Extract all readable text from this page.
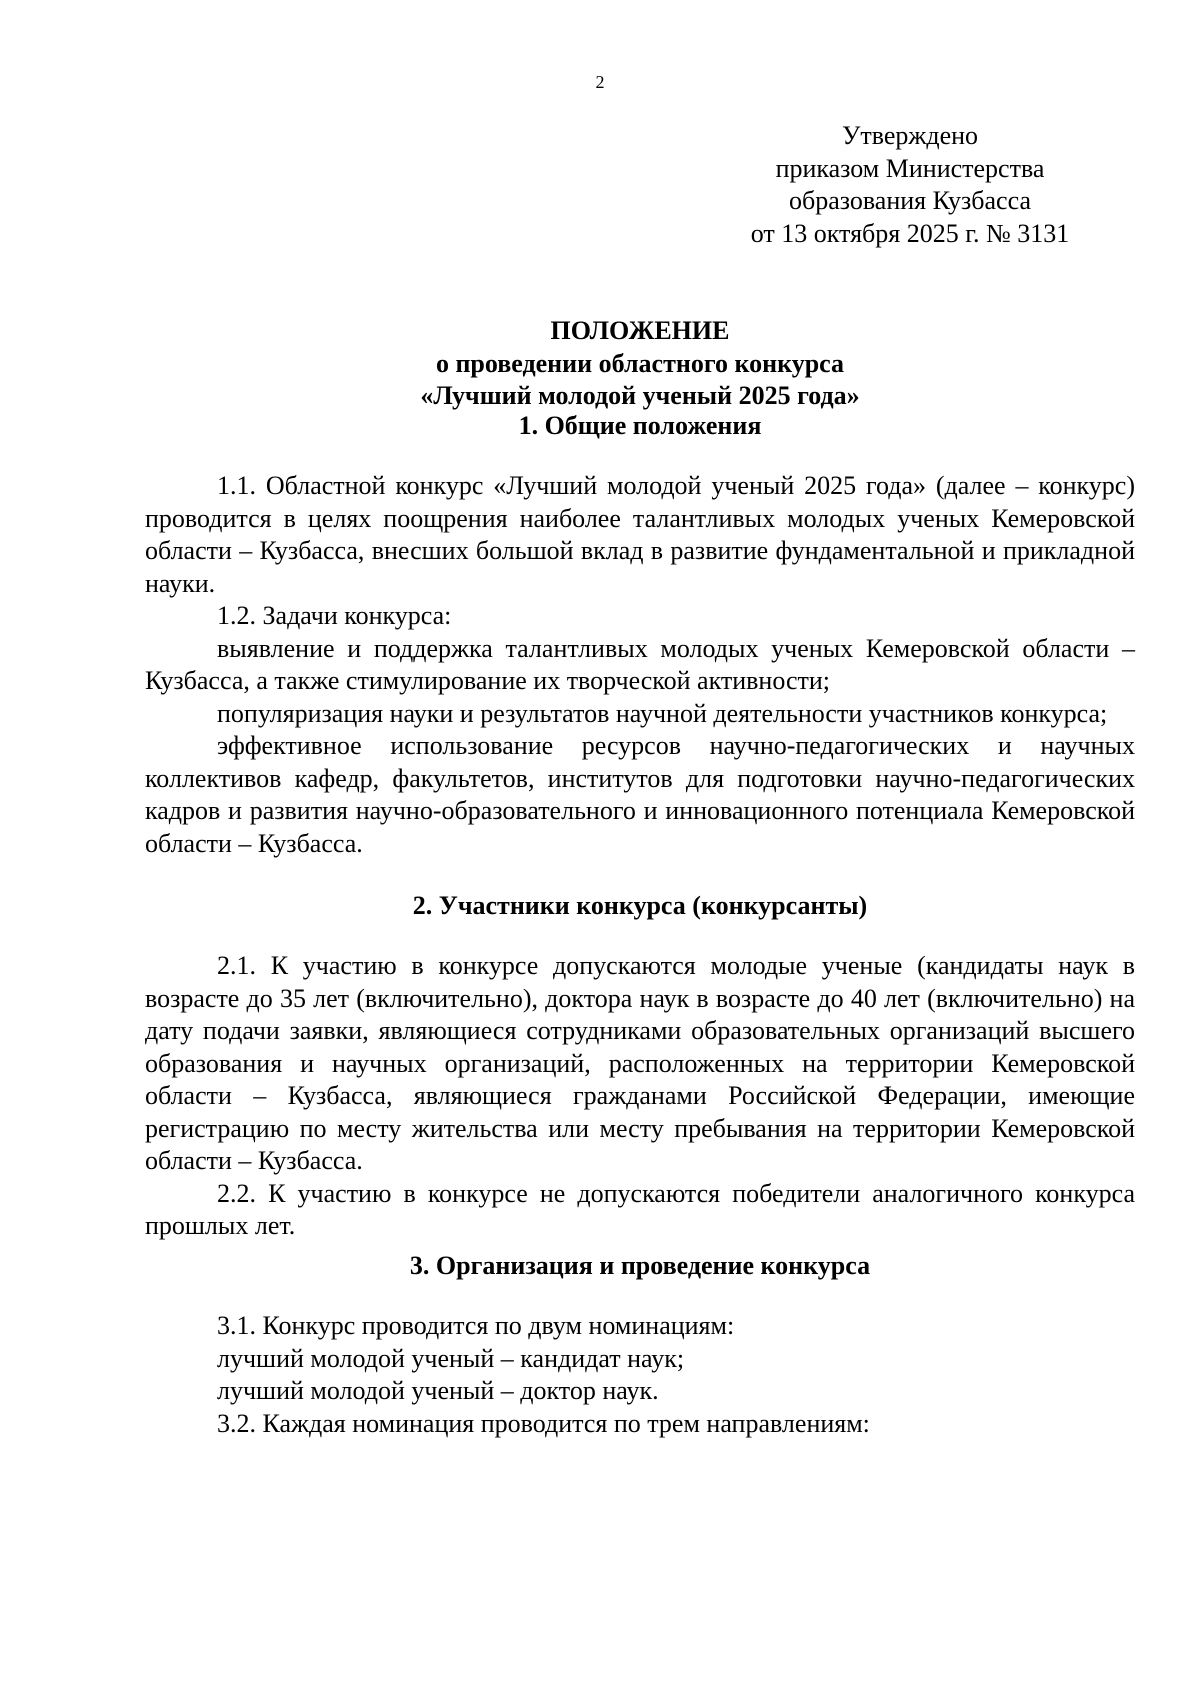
2
Утверждено
приказом Министерства
образования Кузбасса
от 13 октября 2025 г. № 3131
ПОЛОЖЕНИЕ
о проведении областного конкурса
«Лучший молодой ученый 2025 года»
1. Общие положения

1.1. Областной конкурс «Лучший молодой ученый 2025 года» (далее – конкурс) проводится в целях поощрения наиболее талантливых молодых ученых Кемеровской области – Кузбасса, внесших большой вклад в развитие фундаментальной и прикладной науки.

1.2. Задачи конкурса:

выявление и поддержка талантливых молодых ученых Кемеровской области – Кузбасса, а также стимулирование их творческой активности;

популяризация науки и результатов научной деятельности участников конкурса;

эффективное использование ресурсов научно-педагогических и научных коллективов кафедр, факультетов, институтов для подготовки научно-педагогических кадров и развития научно-образовательного и инновационного потенциала Кемеровской области – Кузбасса.

2. Участники конкурса (конкурсанты)

2.1. К участию в конкурсе допускаются молодые ученые (кандидаты наук в возрасте до 35 лет (включительно), доктора наук в возрасте до 40 лет (включительно) на дату подачи заявки, являющиеся сотрудниками образовательных организаций высшего образования и научных организаций, расположенных на территории Кемеровской области – Кузбасса, являющиеся гражданами Российской Федерации, имеющие регистрацию по месту жительства или месту пребывания на территории Кемеровской области – Кузбасса.

2.2. К участию в конкурсе не допускаются победители аналогичного конкурса прошлых лет.

3. Организация и проведение конкурса

3.1. Конкурс проводится по двум номинациям:

лучший молодой ученый – кандидат наук;

лучший молодой ученый – доктор наук.

3.2. Каждая номинация проводится по трем направлениям:
